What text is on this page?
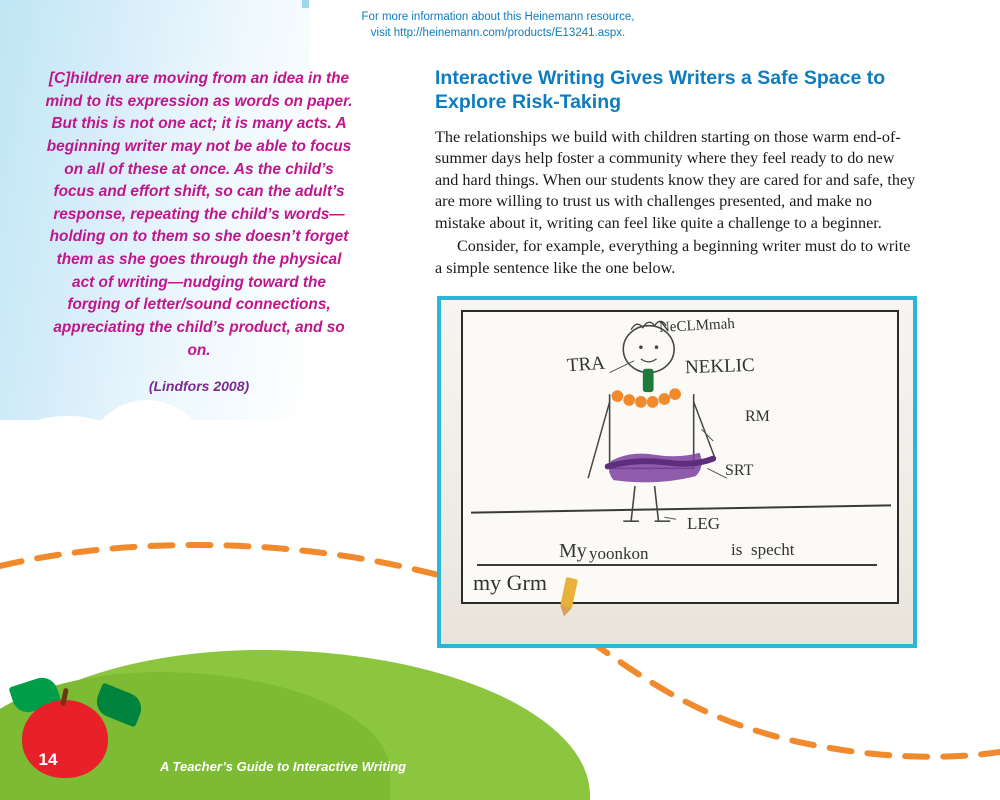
For more information about this Heinemann resource,
visit http://heinemann.com/products/E13241.aspx.
[C]hildren are moving from an idea in the mind to its expression as words on paper. But this is not one act; it is many acts. A beginning writer may not be able to focus on all of these at once. As the child’s focus and effort shift, so can the adult’s response, repeating the child’s words—holding on to them so she doesn’t forget them as she goes through the physical act of writing—nudging toward the forging of letter/sound connections, appreciating the child’s product, and so on.
(Lindfors 2008)
Interactive Writing Gives Writers a Safe Space to Explore Risk-Taking

The relationships we build with children starting on those warm end-of-summer days help foster a community where they feel ready to do new and hard things. When our students know they are cared for and safe, they are more willing to trust us with challenges presented, and make no mistake about it, writing can feel like quite a challenge to a beginner.

Consider, for example, everything a beginning writer must do to write a simple sentence like the one below.

NeCLMmah
TRA	NEKLIC
RM
SRT
LEG
My yoonkon	is specht
my Grm
14	A Teacher’s Guide to Interactive Writing
